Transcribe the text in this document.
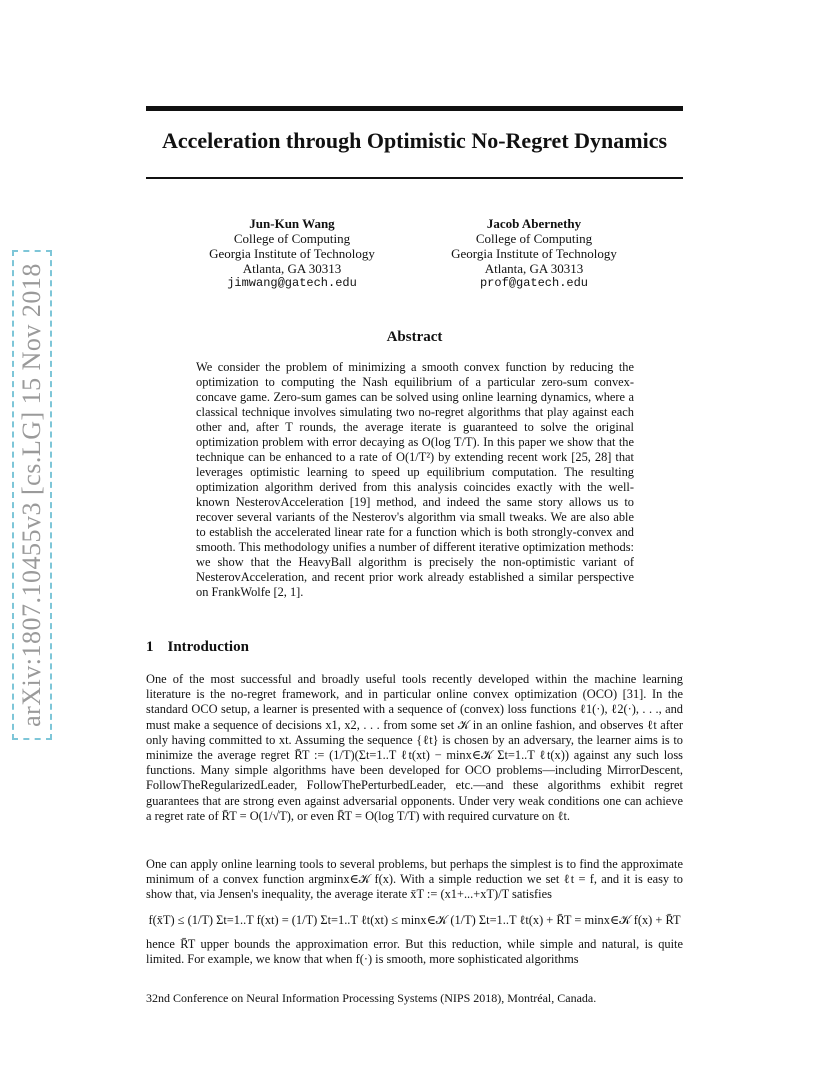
arXiv:1807.10455v3 [cs.LG] 15 Nov 2018
Acceleration through Optimistic No-Regret Dynamics
Jun-Kun Wang
College of Computing
Georgia Institute of Technology
Atlanta, GA 30313
jimwang@gatech.edu
Jacob Abernethy
College of Computing
Georgia Institute of Technology
Atlanta, GA 30313
prof@gatech.edu
Abstract

We consider the problem of minimizing a smooth convex function by reducing the optimization to computing the Nash equilibrium of a particular zero-sum convex-concave game. Zero-sum games can be solved using online learning dynamics, where a classical technique involves simulating two no-regret algorithms that play against each other and, after T rounds, the average iterate is guaranteed to solve the original optimization problem with error decaying as O(log T/T). In this paper we show that the technique can be enhanced to a rate of O(1/T²) by extending recent work [25, 28] that leverages optimistic learning to speed up equilibrium computation. The resulting optimization algorithm derived from this analysis coincides exactly with the well-known NesterovAcceleration [19] method, and indeed the same story allows us to recover several variants of the Nesterov's algorithm via small tweaks. We are also able to establish the accelerated linear rate for a function which is both strongly-convex and smooth. This methodology unifies a number of different iterative optimization methods: we show that the HeavyBall algorithm is precisely the non-optimistic variant of NesterovAcceleration, and recent prior work already established a similar perspective on FrankWolfe [2, 1].

1 Introduction

One of the most successful and broadly useful tools recently developed within the machine learning literature is the no-regret framework, and in particular online convex optimization (OCO) [31]. In the standard OCO setup, a learner is presented with a sequence of (convex) loss functions ℓ1(·), ℓ2(·), . . ., and must make a sequence of decisions x1, x2, . . . from some set 𝒦 in an online fashion, and observes ℓt after only having committed to xt. Assuming the sequence {ℓt} is chosen by an adversary, the learner aims is to minimize the average regret R̄T := (1/T)(Σt=1..T ℓt(xt) − minx∈𝒦 Σt=1..T ℓt(x)) against any such loss functions. Many simple algorithms have been developed for OCO problems—including MirrorDescent, FollowTheRegularizedLeader, FollowThePerturbedLeader, etc.—and these algorithms exhibit regret guarantees that are strong even against adversarial opponents. Under very weak conditions one can achieve a regret rate of R̄T = O(1/√T), or even R̄T = O(log T/T) with required curvature on ℓt.

One can apply online learning tools to several problems, but perhaps the simplest is to find the approximate minimum of a convex function argminx∈𝒦 f(x). With a simple reduction we set ℓt = f, and it is easy to show that, via Jensen's inequality, the average iterate x̄T := (x1+...+xT)/T satisfies

f(x̄T) ≤ (1/T) Σt=1..T f(xt) = (1/T) Σt=1..T ℓt(xt) ≤ minx∈𝒦 (1/T) Σt=1..T ℓt(x) + R̄T = minx∈𝒦 f(x) + R̄T

hence R̄T upper bounds the approximation error. But this reduction, while simple and natural, is quite limited. For example, we know that when f(·) is smooth, more sophisticated algorithms

32nd Conference on Neural Information Processing Systems (NIPS 2018), Montréal, Canada.
